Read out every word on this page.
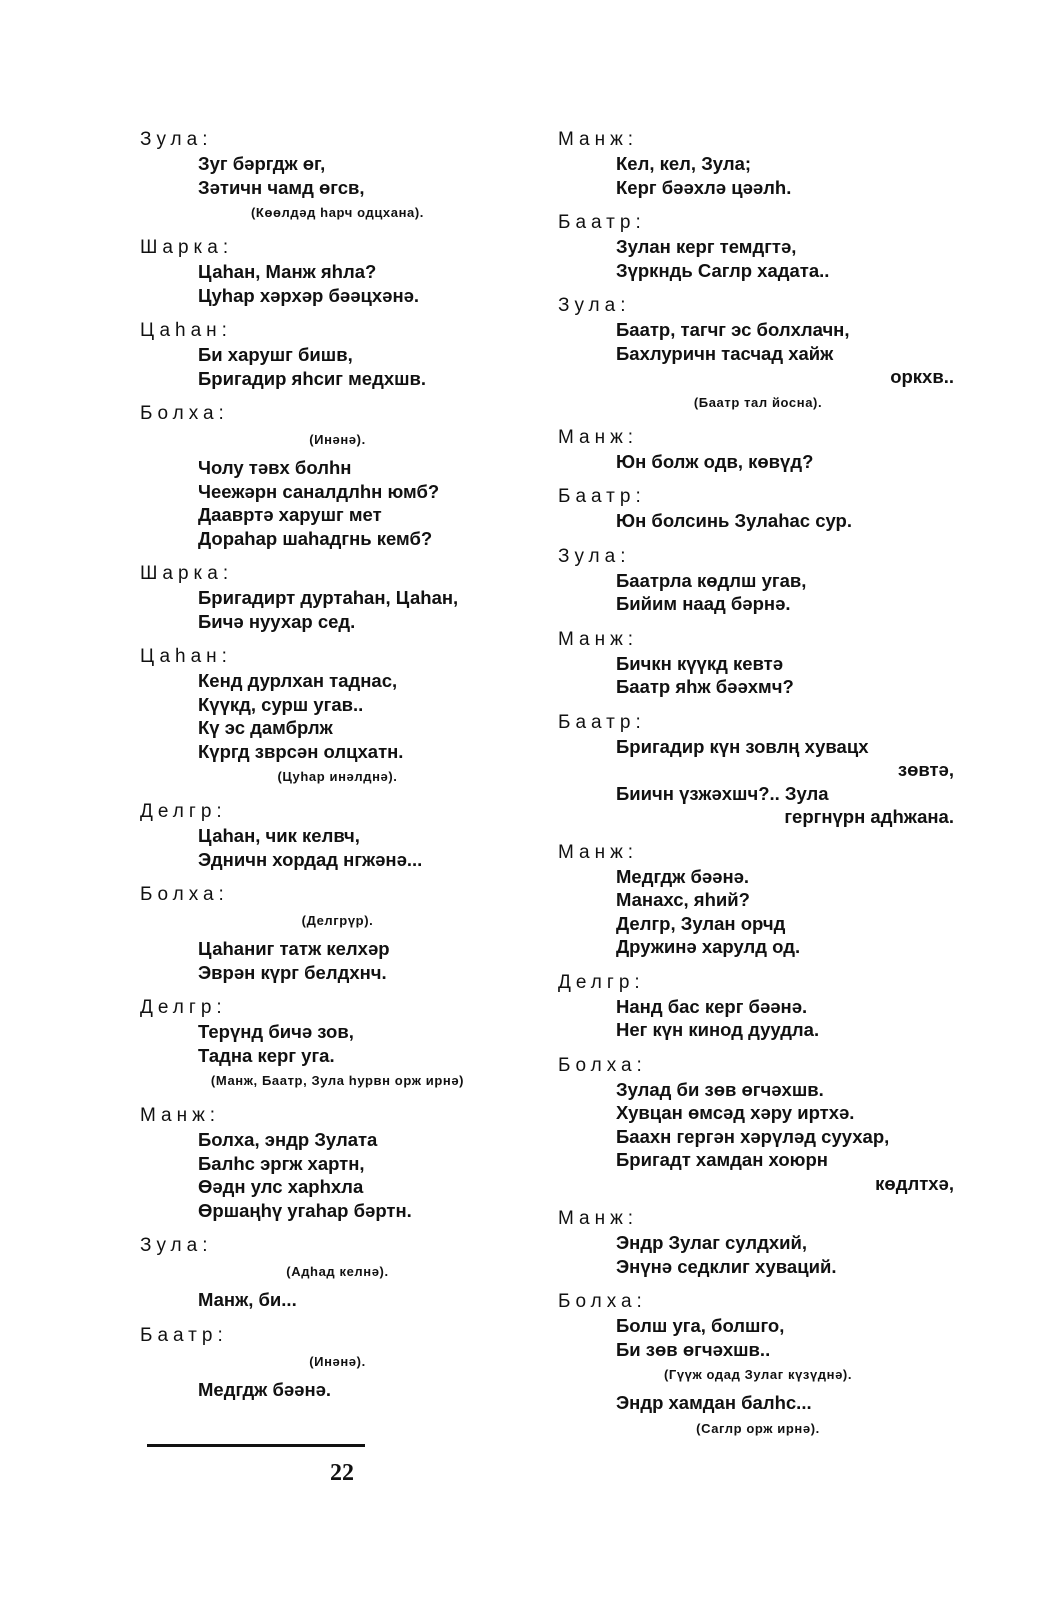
Зула:
Зуг бәргдж өг,
Зәтичн чамд өгсв,
(Көөлдәд һарч одцхана).
Шарка:
Цаһан, Манж яһла?
Цуһар хәрхәр бәәцхәнә.
Цаһан:
Би харушг бишв,
Бригадир яһсиг медхшв.
Болха:
(Инәнә).
Чолу тәвх болһн
Чеежәрн саналдлһн юмб?
Даавртә харушг мет
Дораһар шаһадгнь кемб?
Шарка:
Бригадирт дуртаһан, Цаһан,
Бичә нуухар сед.
Цаһан:
Кенд дурлхан таднас,
Күүкд, сурш угав..
Кү эс дамбрлж
Күргд зврсән олцхатн.
(Цуһар инәлднә).
Делгр:
Цаһан, чик келвч,
Эдничн хордад нгжәнә...
Болха:
(Делгрүр).
Цаһаниг татж келхәр
Эврән күрг белдхнч.
Делгр:
Терүнд бичә зов,
Тадна керг уга.
(Манж, Баатр, Зула һурвн орж ирнә)
Манж:
Болха, эндр Зулата
Балһс эргж хартн,
Өәдн улс харһхла
Өршаңһү угаһар бәртн.
Зула:
(Адһад келнә).
Манж, би...
Баатр:
(Инәнә).
Медгдж бәәнә.
Манж:
Кел, кел, Зула;
Керг бәәхлә цәәлһ.
Баатр:
Зулан керг темдгтә,
Зүркндь Саглр хадата..
Зула:
Баатр, тагчг эс болхлачн,
Бахлуричн тасчад хайж
оркхв..
(Баатр тал йосна).
Манж:
Юн болж одв, көвүд?
Баатр:
Юн болсинь Зулаһас сур.
Зула:
Баатрла көдлш угав,
Бийим наад бәрнә.
Манж:
Бичкн күүкд кевтә
Баатр яһж бәәхмч?
Баатр:
Бригадир күн зовлң хувацх
зөвтә,
Биичн үзжәхшч?.. Зула
гергнүрн адһжана.
Манж:
Медгдж бәәнә.
Манахс, яһий?
Делгр, Зулан орчд
Дружинә харулд од.
Делгр:
Нанд бас керг бәәнә.
Нег күн кинод дуудла.
Болха:
Зулад би зөв өгчәхшв.
Хувцан өмсәд хәру иртхә.
Баахн гергән хәрүләд суухар,
Бригадт хамдан хоюрн
көдлтхә,
Манж:
Эндр Зулаг сулдхий,
Энүнә седклиг хуваций.
Болха:
Болш уга, болшго,
Би зөв өгчәхшв..
(Гүүж одад Зулаг күзүднә).
Эндр хамдан балһс...
(Саглр орж ирнә).
22
